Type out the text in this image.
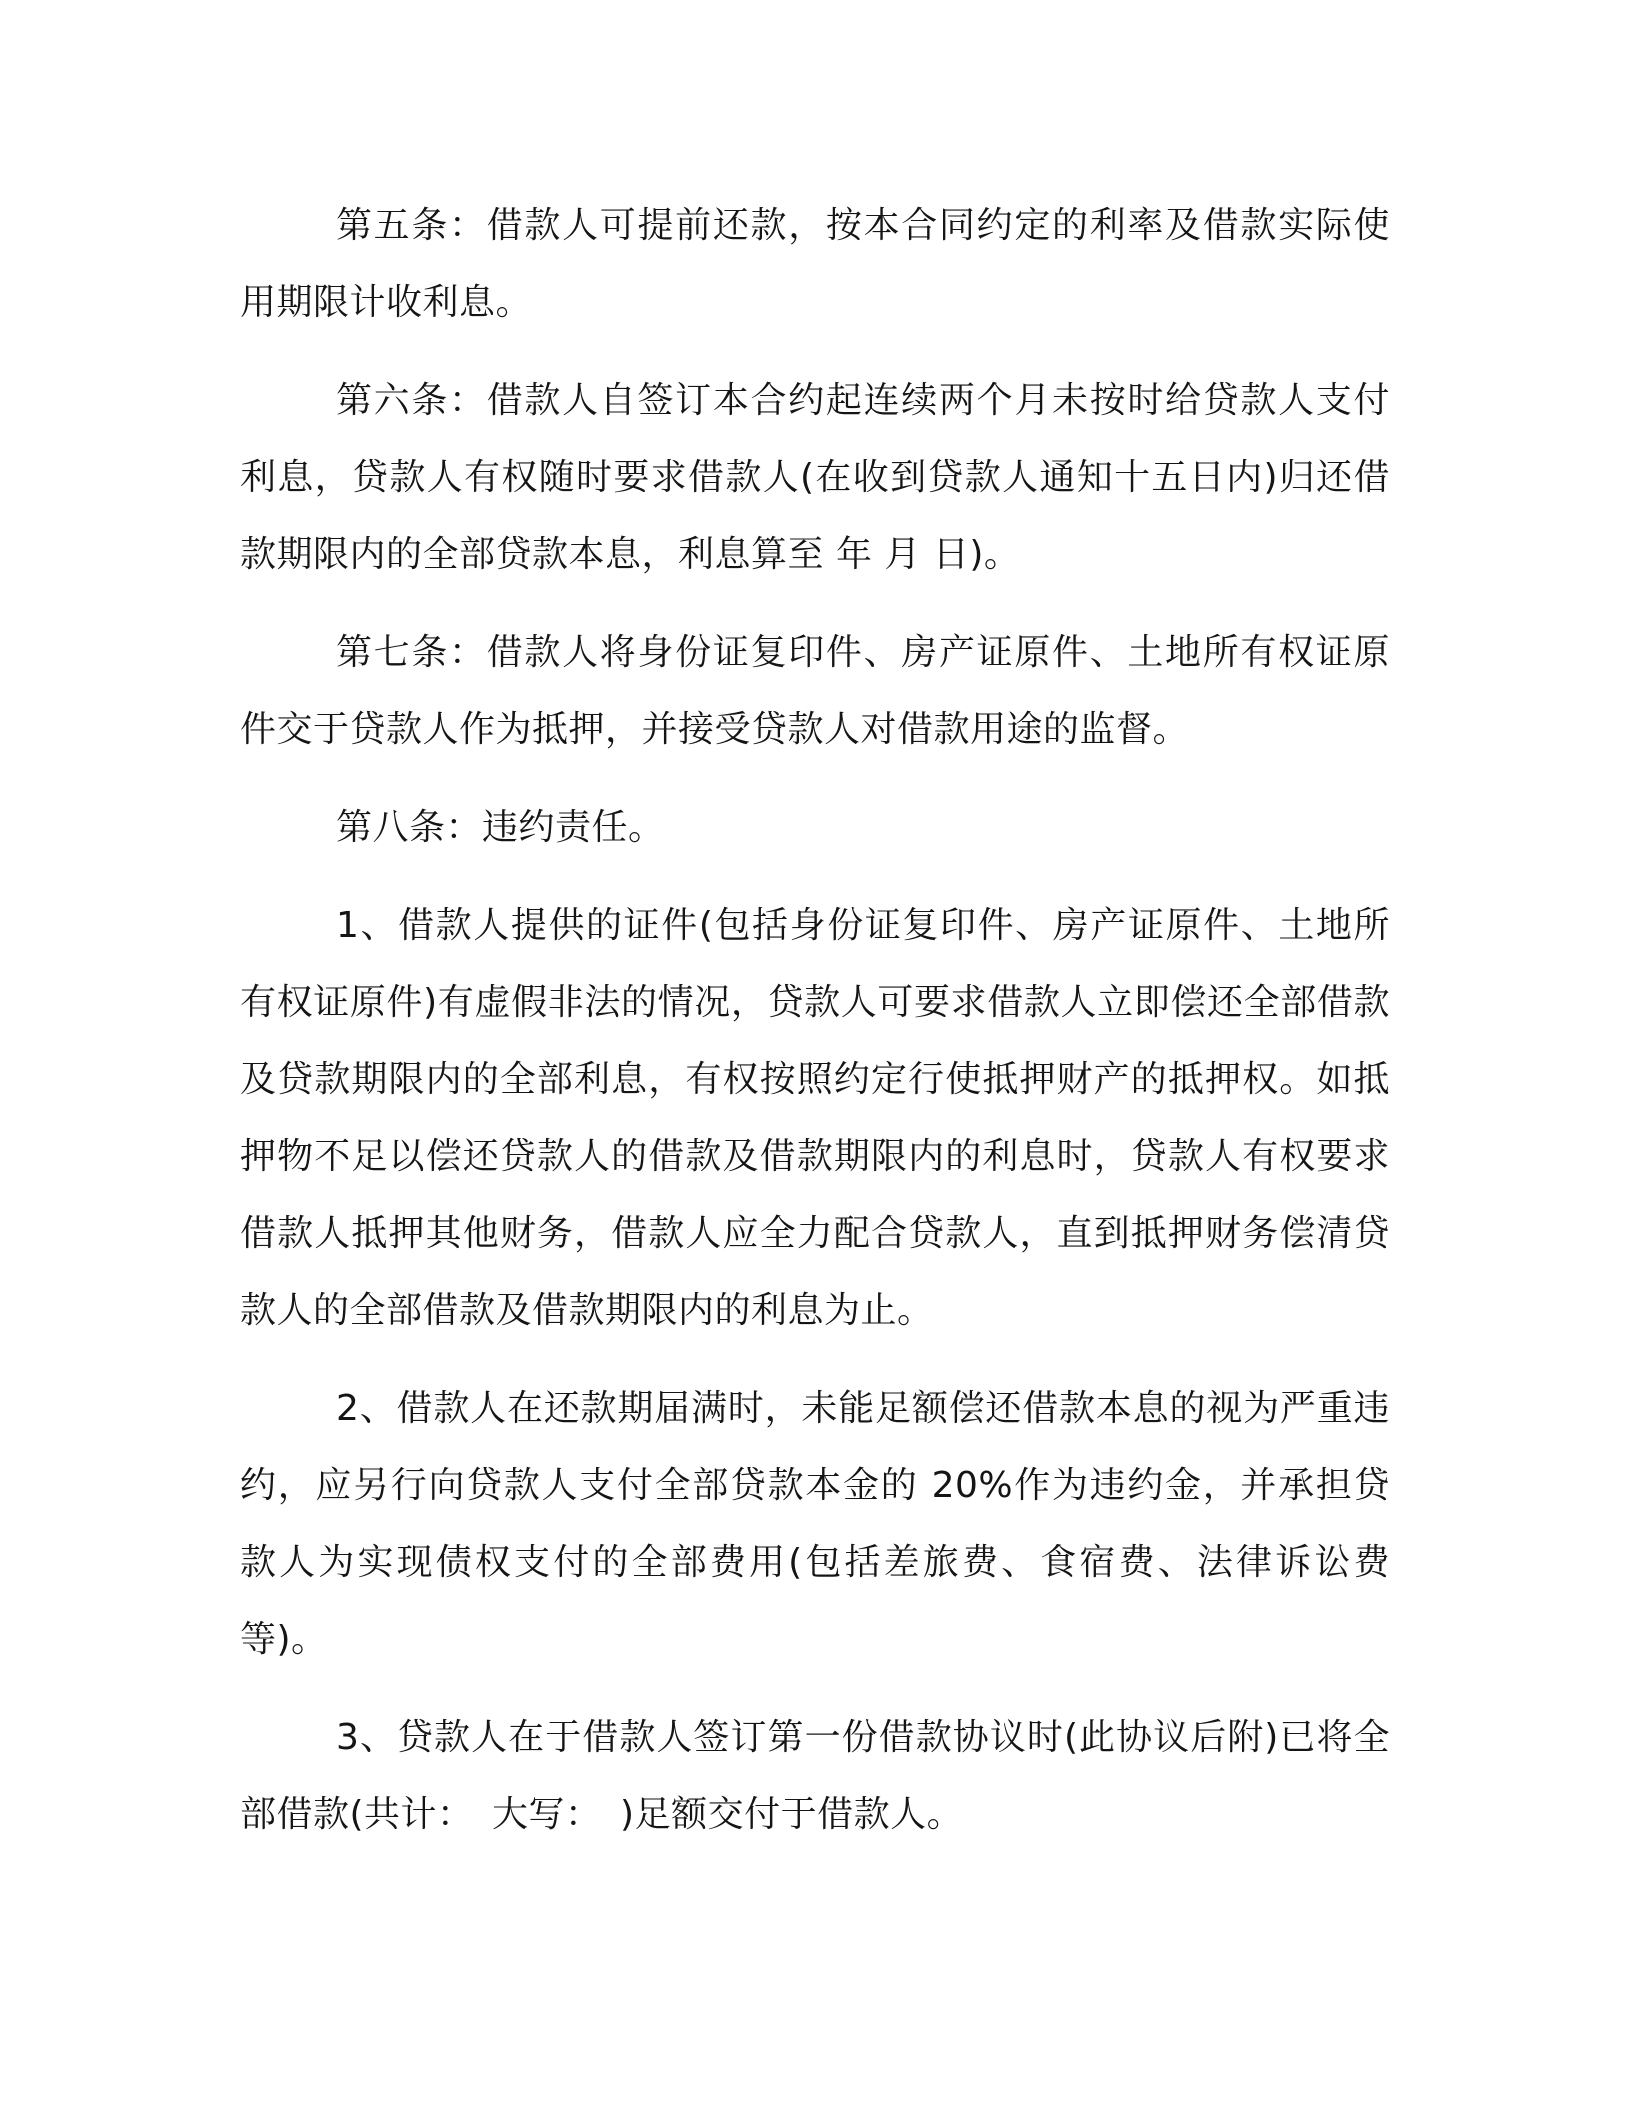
第五条：借款人可提前还款，按本合同约定的利率及借款实际使用期限计收利息。

第六条：借款人自签订本合约起连续两个月未按时给贷款人支付利息，贷款人有权随时要求借款人(在收到贷款人通知十五日内)归还借款期限内的全部贷款本息，利息算至 年 月 日)。

第七条：借款人将身份证复印件、房产证原件、土地所有权证原件交于贷款人作为抵押，并接受贷款人对借款用途的监督。

第八条：违约责任。

1、借款人提供的证件(包括身份证复印件、房产证原件、土地所有权证原件)有虚假非法的情况，贷款人可要求借款人立即偿还全部借款及贷款期限内的全部利息，有权按照约定行使抵押财产的抵押权。如抵押物不足以偿还贷款人的借款及借款期限内的利息时，贷款人有权要求借款人抵押其他财务，借款人应全力配合贷款人，直到抵押财务偿清贷款人的全部借款及借款期限内的利息为止。

2、借款人在还款期届满时，未能足额偿还借款本息的视为严重违约，应另行向贷款人支付全部贷款本金的 20%作为违约金，并承担贷款人为实现债权支付的全部费用(包括差旅费、食宿费、法律诉讼费等)。

3、贷款人在于借款人签订第一份借款协议时(此协议后附)已将全部借款(共计：　大写：　)足额交付于借款人。
